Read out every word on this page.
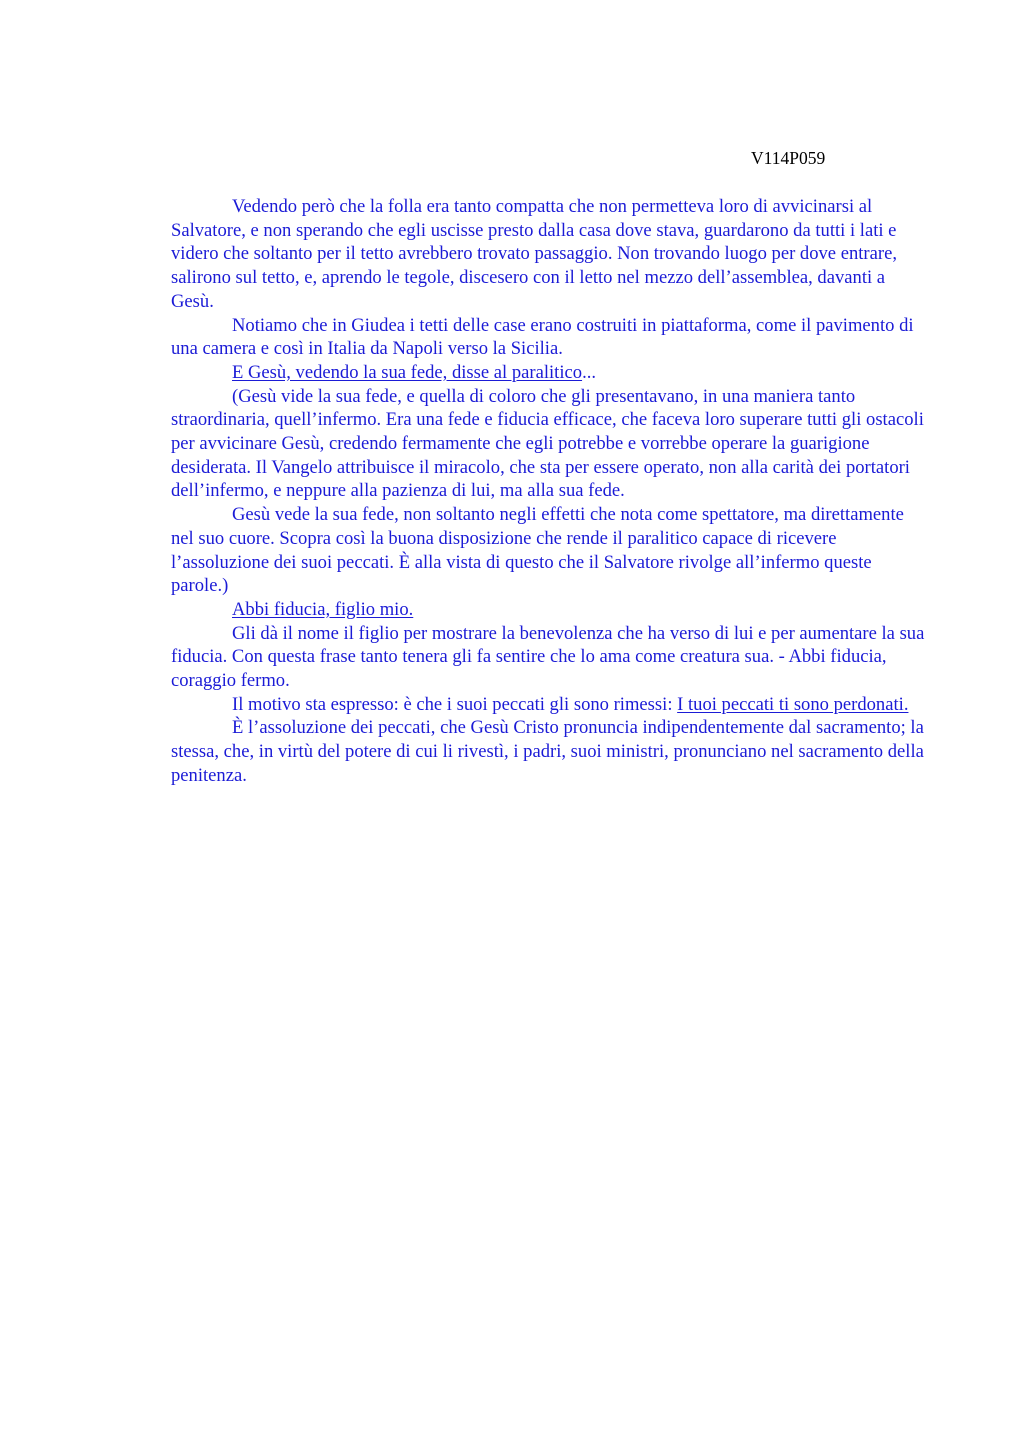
V114P059

Vedendo però che la folla era tanto compatta che non permetteva loro di avvicinarsi al Salvatore, e non sperando che egli uscisse presto dalla casa dove stava, guardarono da tutti i lati e videro che soltanto per il tetto avrebbero trovato passaggio. Non trovando luogo per dove entrare, salirono sul tetto, e, aprendo le tegole, discesero con il letto nel mezzo dell’assemblea, davanti a Gesù.

Notiamo che in Giudea i tetti delle case erano costruiti in piattaforma, come il pavimento di una camera e così in Italia da Napoli verso la Sicilia.

E Gesù, vedendo la sua fede, disse al paralitico...

(Gesù vide la sua fede, e quella di coloro che gli presentavano, in una maniera tanto straordinaria, quell’infermo. Era una fede e fiducia efficace, che faceva loro superare tutti gli ostacoli per avvicinare Gesù, credendo fermamente che egli potrebbe e vorrebbe operare la guarigione desiderata. Il Vangelo attribuisce il miracolo, che sta per essere operato, non alla carità dei portatori dell’infermo, e neppure alla pazienza di lui, ma alla sua fede.

Gesù vede la sua fede, non soltanto negli effetti che nota come spettatore, ma direttamente nel suo cuore. Scopra così la buona disposizione che rende il paralitico capace di ricevere l’assoluzione dei suoi peccati. È alla vista di questo che il Salvatore rivolge all’infermo queste parole.)

Abbi fiducia, figlio mio.

Gli dà il nome il figlio per mostrare la benevolenza che ha verso di lui e per aumentare la sua fiducia. Con questa frase tanto tenera gli fa sentire che lo ama come creatura sua. - Abbi fiducia, coraggio fermo.

Il motivo sta espresso: è che i suoi peccati gli sono rimessi: I tuoi peccati ti sono perdonati.

È l’assoluzione dei peccati, che Gesù Cristo pronuncia indipendentemente dal sacramento; la stessa, che, in virtù del potere di cui li rivestì, i padri, suoi ministri, pronunciano nel sacramento della penitenza.
